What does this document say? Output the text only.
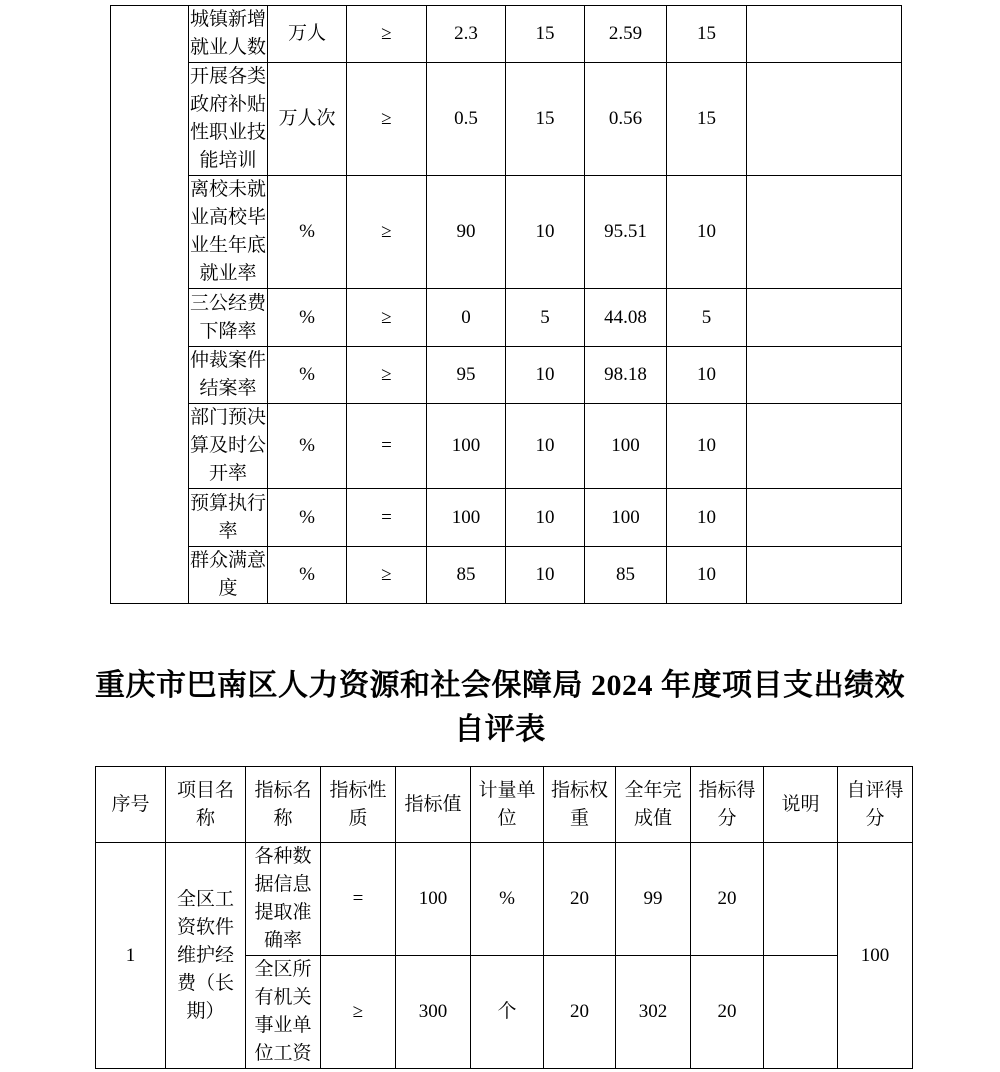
	城镇新增就业人数	万人	≥	2.3	15	2.59	15	
	开展各类政府补贴性职业技能培训	万人次	≥	0.5	15	0.56	15	
	离校未就业高校毕业生年底就业率	%	≥	90	10	95.51	10	
	三公经费下降率	%	≥	0	5	44.08	5	
	仲裁案件结案率	%	≥	95	10	98.18	10	
	部门预决算及时公开率	%	=	100	10	100	10	
	预算执行率	%	=	100	10	100	10	
	群众满意度	%	≥	85	10	85	10	
重庆市巴南区人力资源和社会保障局 2024 年度项目支出绩效
自评表
序号	项目名称	指标名称	指标性质	指标值	计量单位	指标权重	全年完成值	指标得分	说明	自评得分
1	全区工资软件维护经费（长期）	各种数据信息提取准确率	=	100	%	20	99	20		100
		全区所有机关事业单位工资	≥	300	个	20	302	20		
